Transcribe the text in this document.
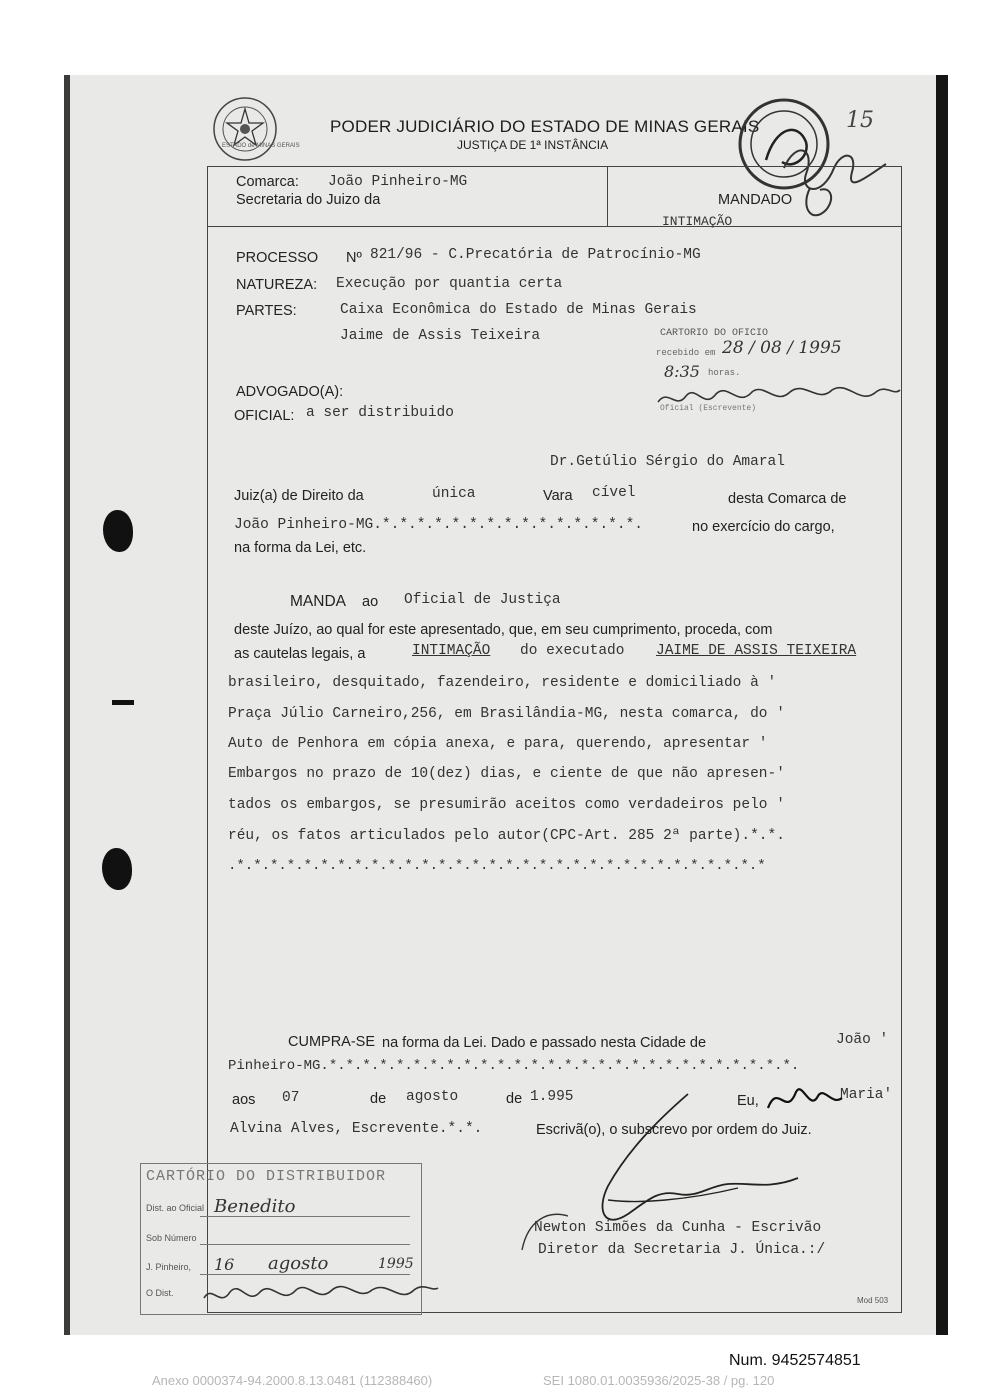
ESTADO de MINAS GERAIS
PODER JUDICIÁRIO DO ESTADO DE MINAS GERAIS
JUSTIÇA DE 1ª INSTÂNCIA
15
Comarca: João Pinheiro-MG
Secretaria do Juizo da	MANDADO
INTIMAÇÃO
PROCESSO Nº 821/96 - C.Precatória de Patrocínio-MG
NATUREZA: Execução por quantia certa
PARTES:	Caixa Econômica do Estado de Minas Gerais
Jaime de Assis Teixeira
ADVOGADO(A):
OFICIAL: a ser distribuido
CARTORIO DO OFICIO
recebido em 28 / 08 / 1995
8:35 horas.
Oficial (Escrevente)
Dr.Getúlio Sérgio do Amaral
Juiz(a) de Direito da	única	Vara cível	desta Comarca de
João Pinheiro-MG.*.*.*.*.*.*.*.*.*.*.*.*.*.*.*.	no exercício do cargo,
na forma da Lei, etc.
MANDA ao Oficial de Justiça
deste Juízo, ao qual for este apresentado, que, em seu cumprimento, proceda, com
as cautelas legais, a	INTIMAÇÃO do executado JAIME DE ASSIS TEIXEIRA
brasileiro, desquitado, fazendeiro, residente e domiciliado à '
Praça Júlio Carneiro,256, em Brasilândia-MG, nesta comarca, do '
Auto de Penhora em cópia anexa, e para, querendo, apresentar '
Embargos no prazo de 10(dez) dias, e ciente de que não apresen-'
tados os embargos, se presumirão aceitos como verdadeiros pelo '
réu, os fatos articulados pelo autor(CPC-Art. 285 2ª parte).*.*.
.*.*.*.*.*.*.*.*.*.*.*.*.*.*.*.*.*.*.*.*.*.*.*.*.*.*.*.*.*.*.*.*
CUMPRA-SE na forma da Lei. Dado e passado nesta Cidade de	João '
Pinheiro-MG.*.*.*.*.*.*.*.*.*.*.*.*.*.*.*.*.*.*.*.*.*.*.*.*.*.*.*.*.
aos 07	de agosto	de 1.995	Eu,	Maria'
Alvina Alves, Escrevente.*.*.	Escrivã(o), o subscrevo por ordem do Juiz.
Newton Simões da Cunha - Escrivão
Diretor da Secretaria J. Única.:/
CARTÓRIO DO DISTRIBUIDOR
Dist. ao Oficial Benedito
Sob Número
J. Pinheiro, 16 agosto	1995
O Dist.
Mod 503
Num. 9452574851
Anexo 0000374-94.2000.8.13.0481 (112388460)	SEI 1080.01.0035936/2025-38 / pg. 120
